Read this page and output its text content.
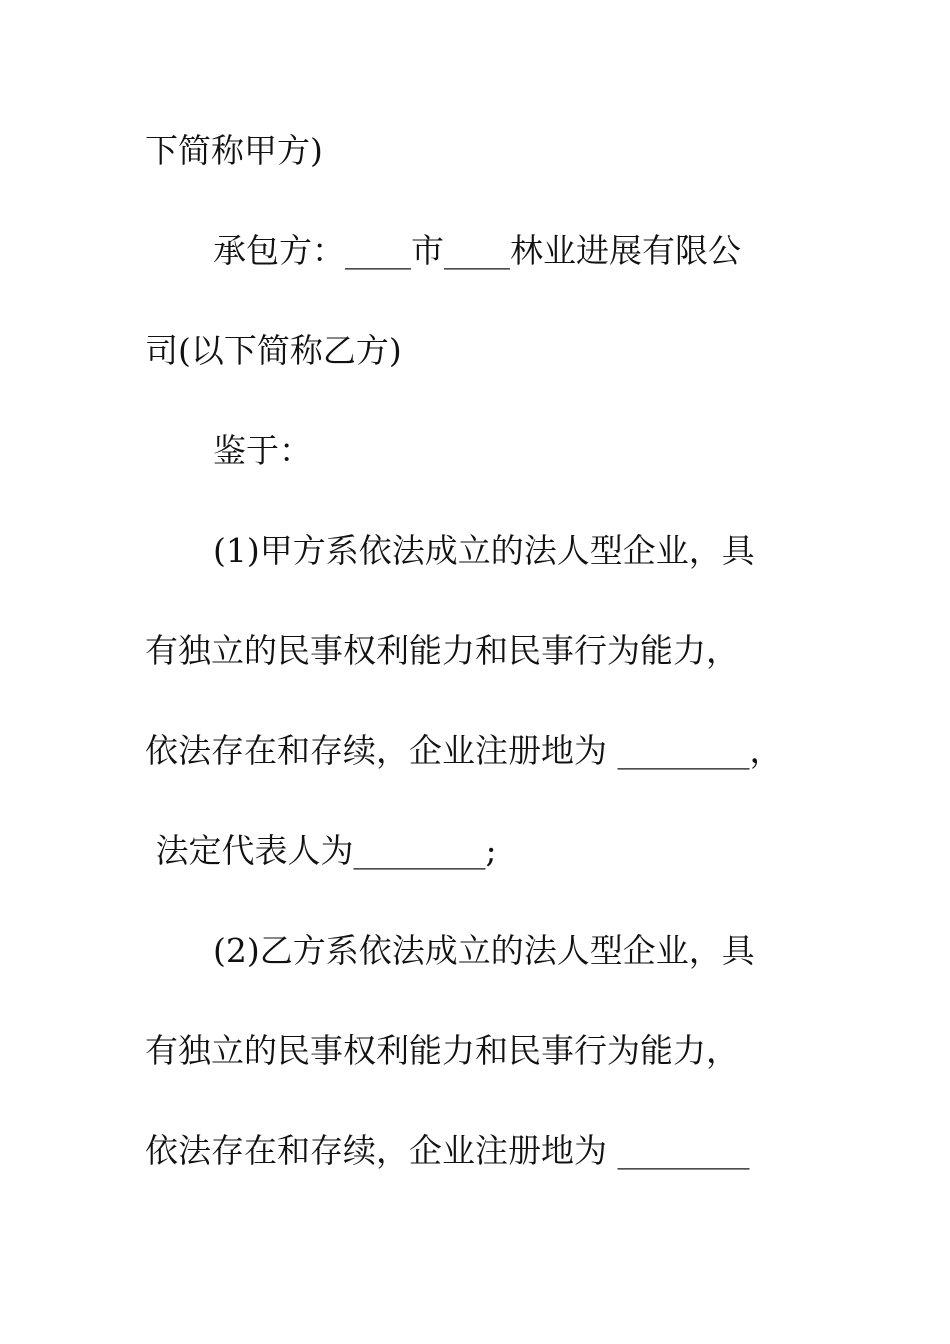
下简称甲方)
承包方：____市____林业进展有限公
司(以下简称乙方)
鉴于：
(1)甲方系依法成立的法人型企业，具
有独立的民事权利能力和民事行为能力，
依法存在和存续，企业注册地为 ________，
法定代表人为________;
(2)乙方系依法成立的法人型企业，具
有独立的民事权利能力和民事行为能力，
依法存在和存续，企业注册地为 ________
